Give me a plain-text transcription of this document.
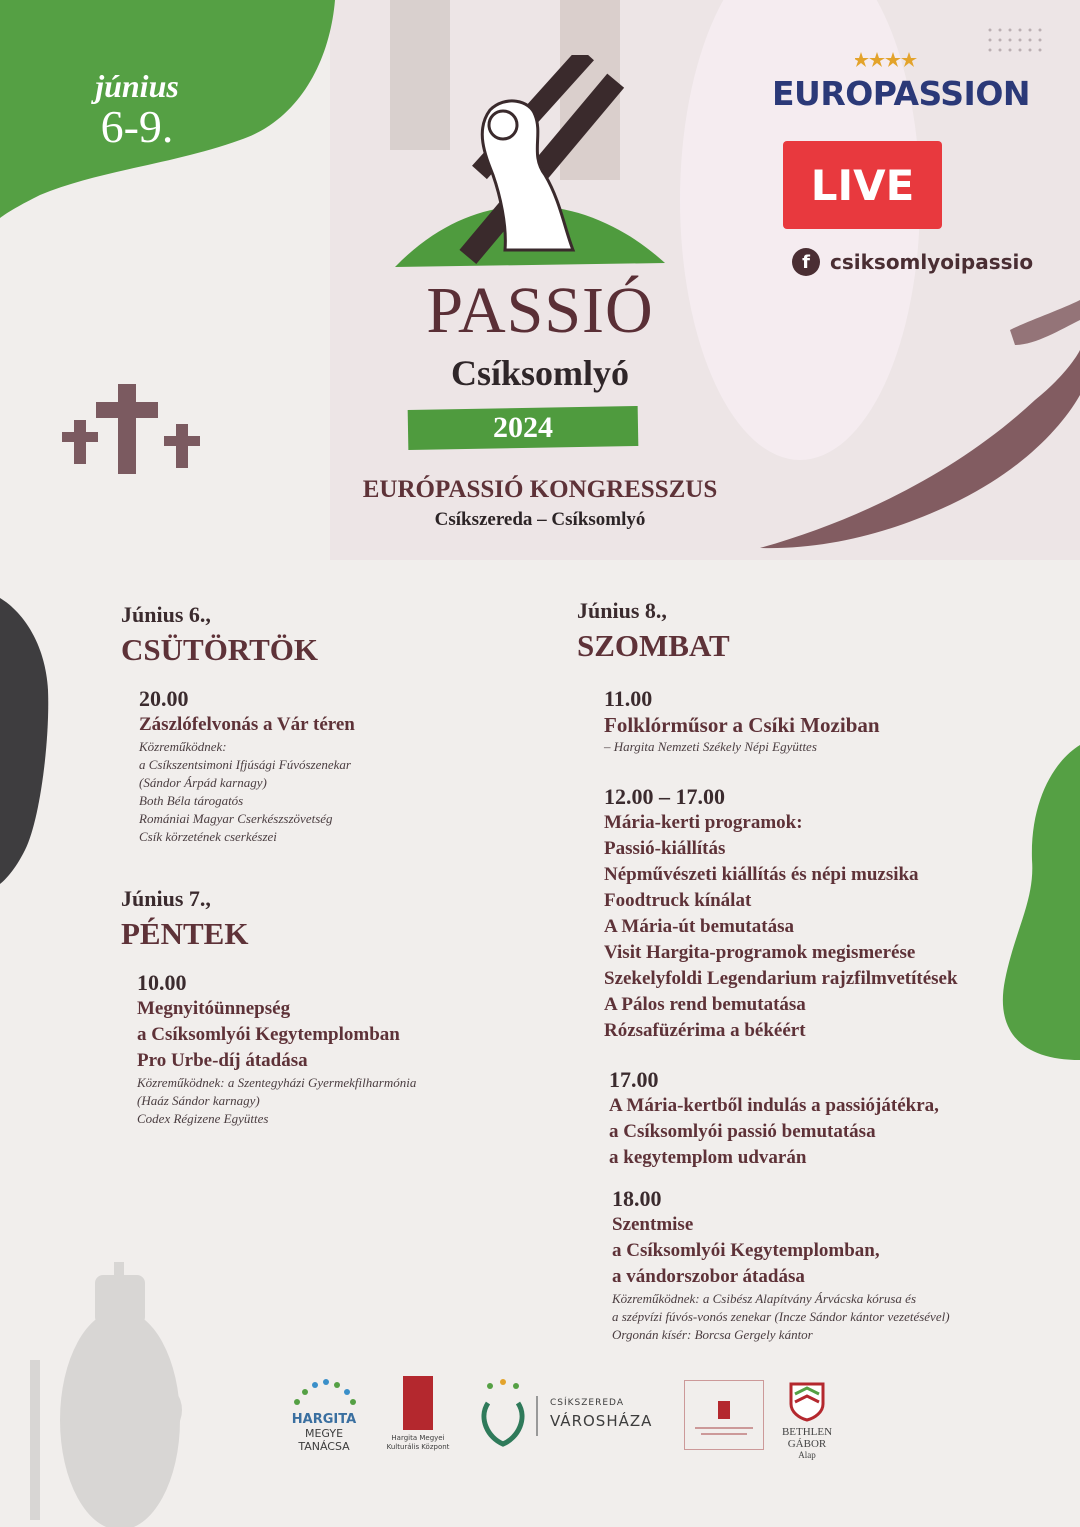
június
6-9.
PASSIÓ
Csíksomlyó
2024
EUROPASSION
LIVE
f	csiksomlyoipassio
EURÓPASSIÓ KONGRESSZUS
Csíkszereda – Csíksomlyó
Június 6.,
CSÜTÖRTÖK
20.00
Zászlófelvonás a Vár téren
Közreműködnek:
a Csíkszentsimoni Ifjúsági Fúvószenekar
(Sándor Árpád karnagy)
Both Béla tárogatós
Romániai Magyar Cserkészszövetség
Csík körzetének cserkészei
Június 7.,
PÉNTEK
10.00
Megnyitóünnepség
a Csíksomlyói Kegytemplomban
Pro Urbe-díj átadása
Közreműködnek: a Szentegyházi Gyermekfilharmónia
(Haáz Sándor karnagy)
Codex Régizene Együttes
Június 8.,
SZOMBAT
11.00
Folklórműsor a Csíki Moziban
– Hargita Nemzeti Székely Népi Együttes
12.00 – 17.00
Mária-kerti programok:
Passió-kiállítás
Népművészeti kiállítás és népi muzsika
Foodtruck kínálat
A Mária-út bemutatása
Visit Hargita-programok megismerése
Szekelyfoldi Legendarium rajzfilmvetítések
A Pálos rend bemutatása
Rózsafüzérima a békéért
17.00
A Mária-kertből indulás a passiójátékra,
a Csíksomlyói passió bemutatása
a kegytemplom udvarán
18.00
Szentmise
a Csíksomlyói Kegytemplomban,
a vándorszobor átadása
Közreműködnek: a Csibész Alapítvány Árvácska kórusa és
a szépvízi fúvós-vonós zenekar (Incze Sándor kántor vezetésével)
Orgonán kísér: Borcsa Gergely kántor
HARGITA
MEGYE
TANÁCSA
Hargita Megyei
Kulturális Központ
CSÍKSZEREDA
VÁROSHÁZA
BETHLEN GÁBOR
Alap
